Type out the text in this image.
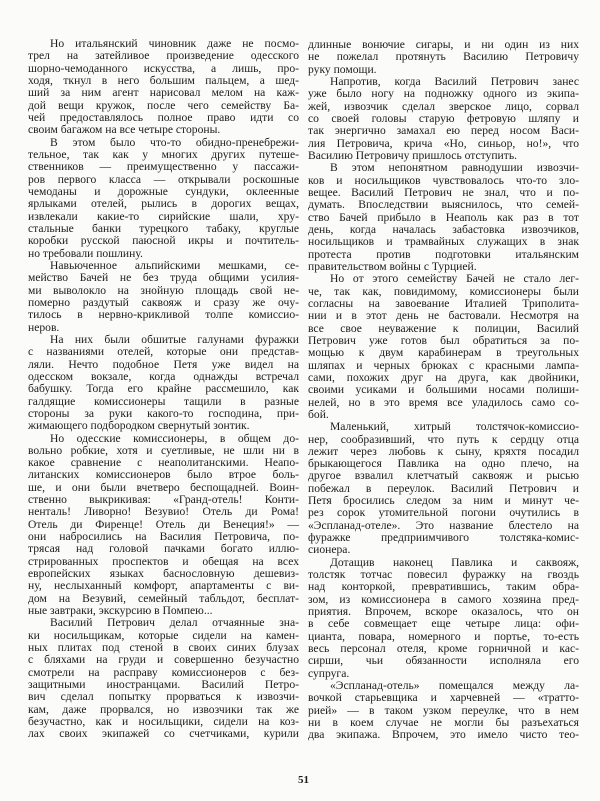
Но итальянский чиновник даже не посмо-
трел на затейливое произведение одесского
шорно-чемоданного искусства, а лишь, про-
ходя, ткнул в него большим пальцем, а шед-
ший за ним агент нарисовал мелом на каж-
дой вещи кружок, после чего семейству Ба-
чей предоставлялось полное право идти со
своим багажом на все четыре стороны.
В этом было что-то обидно-пренебрежи-
тельное, так как у многих других путеше-
ственников — преимущественно у пассажи-
ров первого класса — открывали роскошные
чемоданы и дорожные сундуки, оклеенные
ярлыками отелей, рылись в дорогих вещах,
извлекали какие-то сирийские шали, хру-
стальные банки турецкого табаку, круглые
коробки русской паюсной икры и почтитель-
но требовали пошлину.
Навьюченное альпийскими мешками, се-
мейство Бачей не без труда общими усилия-
ми выволокло на знойную площадь свой не-
померно раздутый саквояж и сразу же очу-
тилось в нервно-крикливой толпе комиссио-
неров.
На них были обшитые галунами фуражки
с названиями отелей, которые они представ-
ляли. Нечто подобное Петя уже видел на
одесском вокзале, когда однажды встречал
бабушку. Тогда его крайне рассмешило, как
галдящие комиссионеры тащили в разные
стороны за руки какого-то господина, при-
жимающего подбородком свернутый зонтик.
Но одесские комиссионеры, в общем до-
вольно робкие, хотя и суетливые, не шли ни в
какое сравнение с неаполитанскими. Неапо-
литанских комиссионеров было втрое боль-
ше, и они были вчетверо беспощадней. Воин-
ственно выкрикивая: «Гранд-отель! Конти-
ненталь! Ливорно! Везувио! Отель ди Рома!
Отель ди Фиренце! Отель ди Венеция!» —
они набросились на Василия Петровича, по-
трясая над головой пачками богато иллю-
стрированных проспектов и обещая на всех
европейских языках баснословную дешевиз-
ну, неслыханный комфорт, апартаменты с ви-
дом на Везувий, семейный табльдот, бесплат-
ные завтраки, экскурсию в Помпею...
Василий Петрович делал отчаянные зна-
ки носильщикам, которые сидели на камен-
ных плитах под стеной в своих синих блузах
с бляхами на груди и совершенно безучастно
смотрели на расправу комиссионеров с без-
защитными иностранцами. Василий Петро-
вич сделал попытку прорваться к извозчи-
кам, даже прорвался, но извозчики так же
безучастно, как и носильщики, сидели на коз-
лах своих экипажей со счетчиками, курили
длинные вонючие сигары, и ни один из них
не пожелал протянуть Василию Петровичу
руку помощи.
Напротив, когда Василий Петрович занес
уже было ногу на подножку одного из экипа-
жей, извозчик сделал зверское лицо, сорвал
со своей головы старую фетровую шляпу и
так энергично замахал ею перед носом Васи-
лия Петровича, крича «Но, синьор, но!», что
Василию Петровичу пришлось отступить.
В этом непонятном равнодушии извозчи-
ков и носильщиков чувствовалось что-то зло-
вещее. Василий Петрович не знал, что и по-
думать. Впоследствии выяснилось, что семей-
ство Бачей прибыло в Неаполь как раз в тот
день, когда началась забастовка извозчиков,
носильщиков и трамвайных служащих в знак
протеста против подготовки итальянским
правительством войны с Турцией.
Но от этого семейству Бачей не стало лег-
че, так как, повидимому, комиссионеры были
согласны на завоевание Италией Триполита-
нии и в этот день не бастовали. Несмотря на
все свое неуважение к полиции, Василий
Петрович уже готов был обратиться за по-
мощью к двум карабинерам в треугольных
шляпах и черных брюках с красными лампа-
сами, похожих друг на друга, как двойники,
своими усиками и большими носами полиши-
нелей, но в это время все уладилось само со-
бой.
Маленький, хитрый толстячок-комиссио-
нер, сообразивший, что путь к сердцу отца
лежит через любовь к сыну, кряхтя посадил
брыкающегося Павлика на одно плечо, на
другое взвалил клетчатый саквояж и рысью
побежал в переулок. Василий Петрович и
Петя бросились следом за ним и минут че-
рез сорок утомительной погони очутились в
«Эспланад-отеле». Это название блестело на
фуражке предприимчивого толстяка-комис-
сионера.
Дотащив наконец Павлика и саквояж,
толстяк тотчас повесил фуражку на гвоздь
над конторкой, превратившись, таким обра-
зом, из комиссионера в самого хозяина пред-
приятия. Впрочем, вскоре оказалось, что он
в себе совмещает еще четыре лица: офи-
цианта, повара, номерного и портье, то-есть
весь персонал отеля, кроме горничной и кас-
сирши, чьи обязанности исполняла его
супруга.
«Эспланад-отель» помещался между ла-
вочкой старьевщика и харчевней — «тратто-
рией» — в таком узком переулке, что в нем
ни в коем случае не могли бы разъехаться
два экипажа. Впрочем, это имело чисто тео-
51
